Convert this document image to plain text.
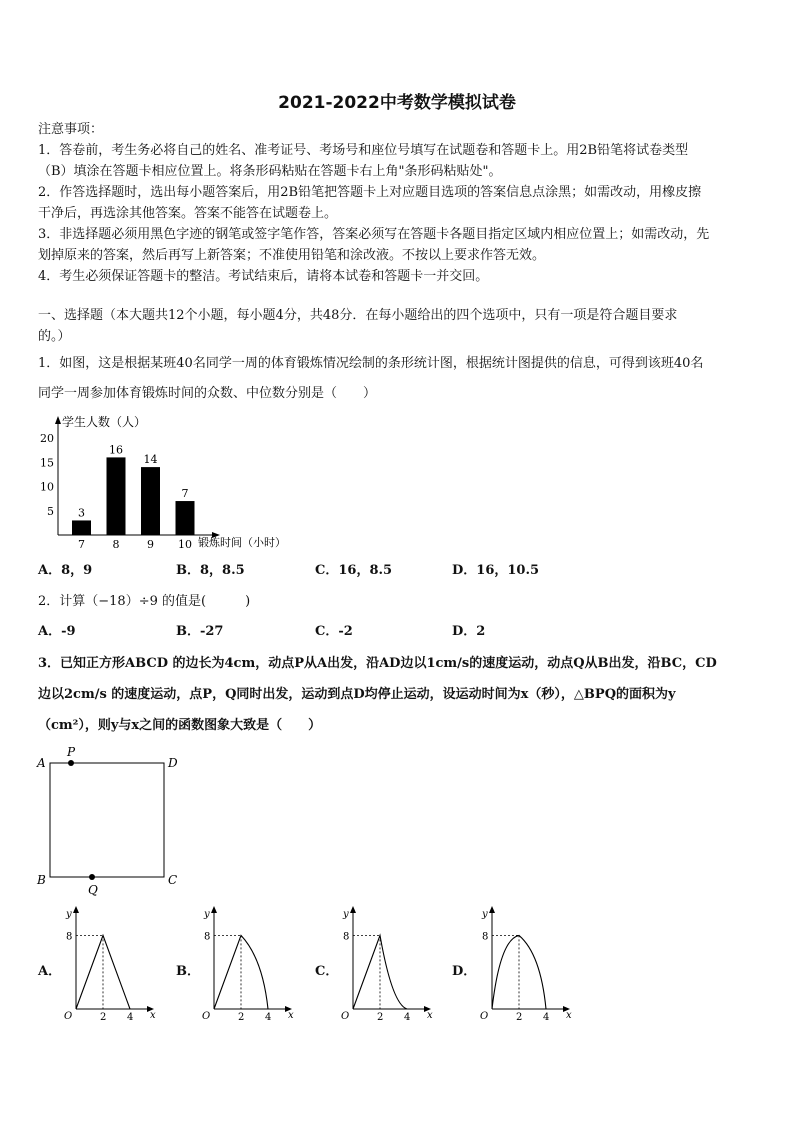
2021-2022中考数学模拟试卷
注意事项：
1．答卷前，考生务必将自己的姓名、准考证号、考场号和座位号填写在试题卷和答题卡上。用2B铅笔将试卷类型
（B）填涂在答题卡相应位置上。将条形码粘贴在答题卡右上角"条形码粘贴处"。
2．作答选择题时，选出每小题答案后，用2B铅笔把答题卡上对应题目选项的答案信息点涂黑；如需改动，用橡皮擦
干净后，再选涂其他答案。答案不能答在试题卷上。
3．非选择题必须用黑色字迹的钢笔或签字笔作答，答案必须写在答题卡各题目指定区域内相应位置上；如需改动，先
划掉原来的答案，然后再写上新答案；不准使用铅笔和涂改液。不按以上要求作答无效。
4．考生必须保证答题卡的整洁。考试结束后，请将本试卷和答题卡一并交回。
一、选择题（本大题共12个小题，每小题4分，共48分．在每小题给出的四个选项中，只有一项是符合题目要求
的。）
1．如图，这是根据某班40名同学一周的体育锻炼情况绘制的条形统计图，根据统计图提供的信息，可得到该班40名
同学一周参加体育锻炼时间的众数、中位数分别是（　　）
学生人数（人）
锻炼时间（小时）
5
10
15
20
3
7
16
8
14
9
7
10
A．8，9	B．8，8.5	C．16，8.5	D．16，10.5
2．计算（−18）÷9 的值是(　　　)
A．-9	B．-27	C．-2	D．2
3．已知正方形ABCD 的边长为4cm，动点P从A出发，沿AD边以1cm/s的速度运动，动点Q从B出发，沿BC，CD
边以2cm/s 的速度运动，点P，Q同时出发，运动到点D均停止运动，设运动时间为x（秒），△BPQ的面积为y
（cm²），则y与x之间的函数图象大致是（　　）
A
P
D
B	C
Q
A．	B．	C．	D．
y
x
O
8
2 4
y
x
O
8
2 4
y
x
O
8
2 4
y
x
O
8
2 4
